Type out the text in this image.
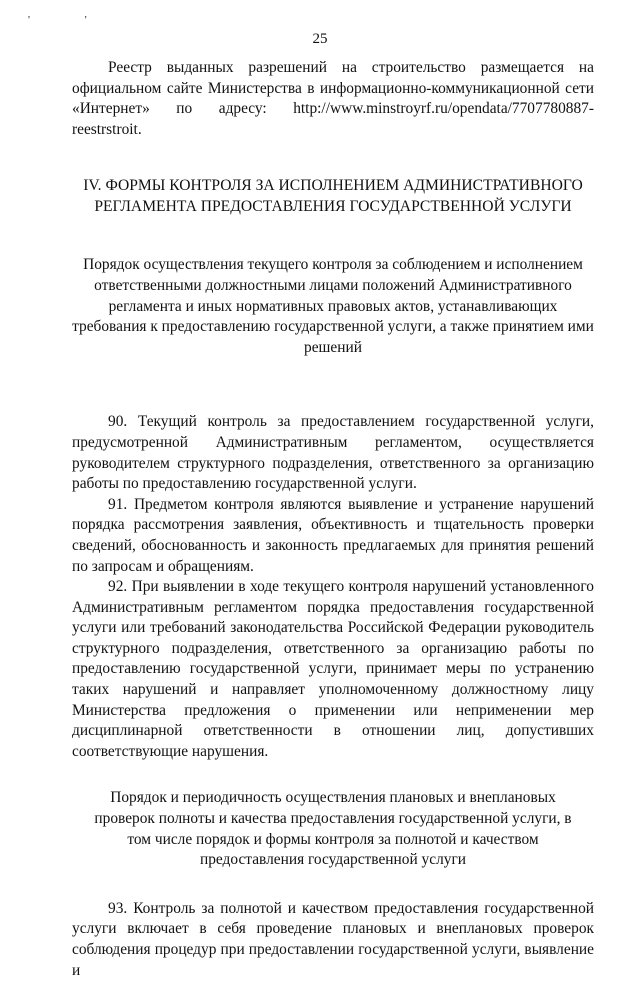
' '
25

Реестр выданных разрешений на строительство размещается на официальном сайте Министерства в информационно-коммуникационной сети «Интернет» по адресу: http://www.minstroyrf.ru/opendata/7707780887-reestrstroit.

IV. ФОРМЫ КОНТРОЛЯ ЗА ИСПОЛНЕНИЕМ АДМИНИСТРАТИВНОГО
РЕГЛАМЕНТА ПРЕДОСТАВЛЕНИЯ ГОСУДАРСТВЕННОЙ УСЛУГИ
Порядок осуществления текущего контроля за соблюдением и исполнением ответственными должностными лицами положений Административного регламента и иных нормативных правовых актов, устанавливающих требования к предоставлению государственной услуги, а также принятием ими решений

90. Текущий контроль за предоставлением государственной услуги, предусмотренной Административным регламентом, осуществляется руководителем структурного подразделения, ответственного за организацию работы по предоставлению государственной услуги.

91. Предметом контроля являются выявление и устранение нарушений порядка рассмотрения заявления, объективность и тщательность проверки сведений, обоснованность и законность предлагаемых для принятия решений по запросам и обращениям.

92. При выявлении в ходе текущего контроля нарушений установленного Административным регламентом порядка предоставления государственной услуги или требований законодательства Российской Федерации руководитель структурного подразделения, ответственного за организацию работы по предоставлению государственной услуги, принимает меры по устранению таких нарушений и направляет уполномоченному должностному лицу Министерства предложения о применении или неприменении мер дисциплинарной ответственности в отношении лиц, допустивших соответствующие нарушения.

Порядок и периодичность осуществления плановых и внеплановых проверок полноты и качества предоставления государственной услуги, в том числе порядок и формы контроля за полнотой и качеством предоставления государственной услуги

93. Контроль за полнотой и качеством предоставления государственной услуги включает в себя проведение плановых и внеплановых проверок соблюдения процедур при предоставлении государственной услуги, выявление и
